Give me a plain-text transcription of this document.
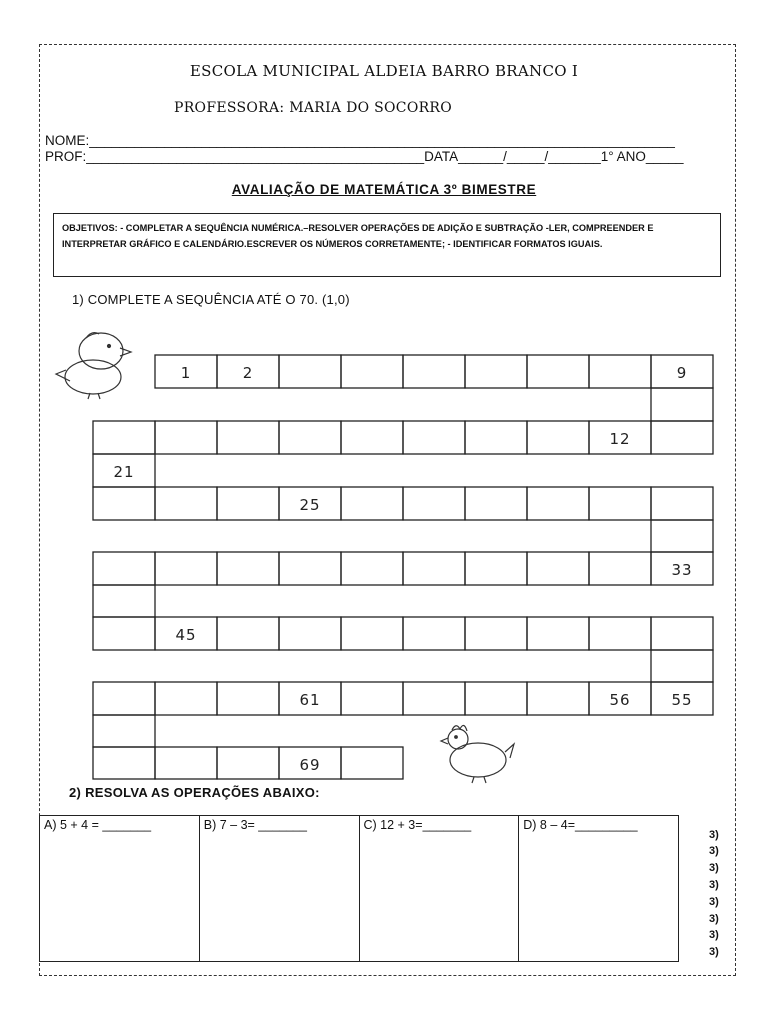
ESCOLA MUNICIPAL ALDEIA BARRO BRANCO I
PROFESSORA: MARIA DO SOCORRO
NOME:______________________________________________________________________________
PROF:_____________________________________________DATA______/_____/_______1° ANO_____
AVALIAÇÃO DE MATEMÁTICA 3º BIMESTRE
OBJETIVOS: - COMPLETAR A SEQUÊNCIA NUMÉRICA.–RESOLVER OPERAÇÕES DE ADIÇÃO E SUBTRAÇÃO -LER, COMPREENDER E INTERPRETAR GRÁFICO E CALENDÁRIO.ESCREVER OS NÚMEROS CORRETAMENTE; - IDENTIFICAR FORMATOS IGUAIS.
1) COMPLETE A SEQUÊNCIA ATÉ O 70. (1,0)
1	2	9
12
21
25
33
45
61	56	55
69
2) RESOLVA AS OPERAÇÕES ABAIXO:
A) 5 + 4 = _______	B) 7 – 3= _______	C) 12 + 3=_______	D) 8 – 4=_________
3)
3)
3)
3)
3)
3)
3)
3)
